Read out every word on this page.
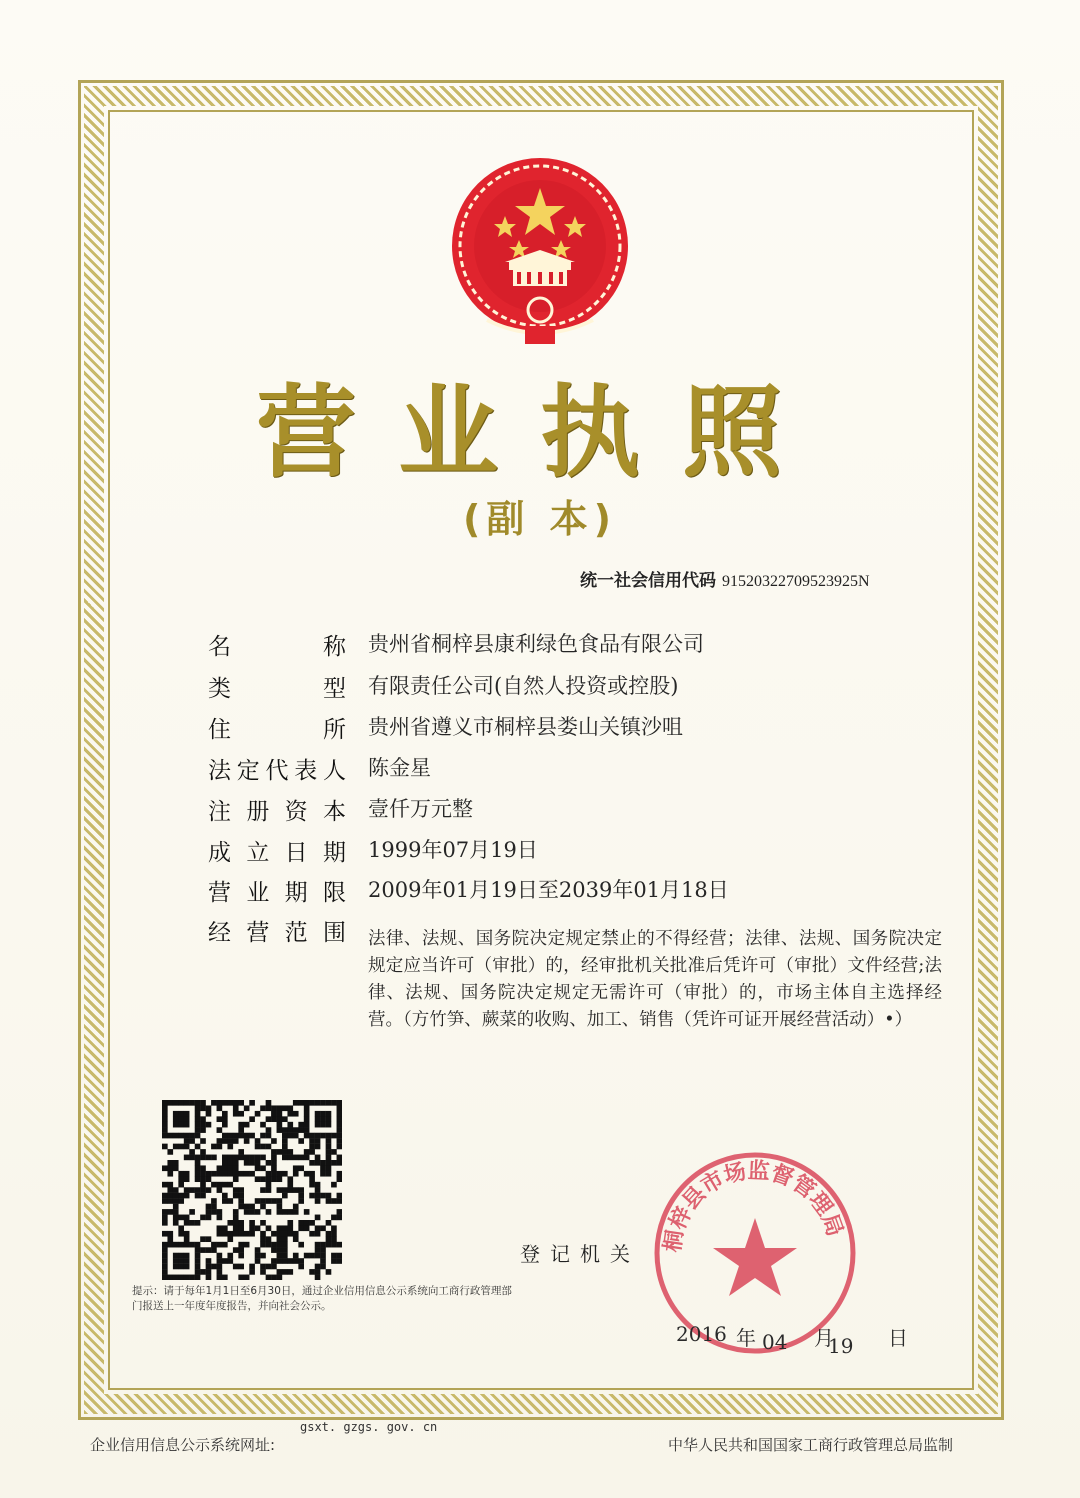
营业执照
(副 本)
统一社会信用代码 91520322709523925N
名称 贵州省桐梓县康利绿色食品有限公司
类型 有限责任公司(自然人投资或控股)
住所 贵州省遵义市桐梓县娄山关镇沙咀
法定代表人 陈金星
注册资本 壹仟万元整
成立日期 1999年07月19日
营业期限 2009年01月19日至2039年01月18日
经营范围 法律、法规、国务院决定规定禁止的不得经营；法律、法规、国务院决定规定应当许可（审批）的，经审批机关批准后凭许可（审批）文件经营;法律、法规、国务院决定规定无需许可（审批）的，市场主体自主选择经营。（方竹笋、蕨菜的收购、加工、销售（凭许可证开展经营活动）•）
提示：请于每年1月1日至6月30日，通过企业信用信息公示系统向工商行政管理部门报送上一年度年度报告，并向社会公示。
登记机关
桐梓县市场监督管理局
2016 年 04 月
19 日
企业信用信息公示系统网址:
gsxt. gzgs. gov. cn
中华人民共和国国家工商行政管理总局监制
